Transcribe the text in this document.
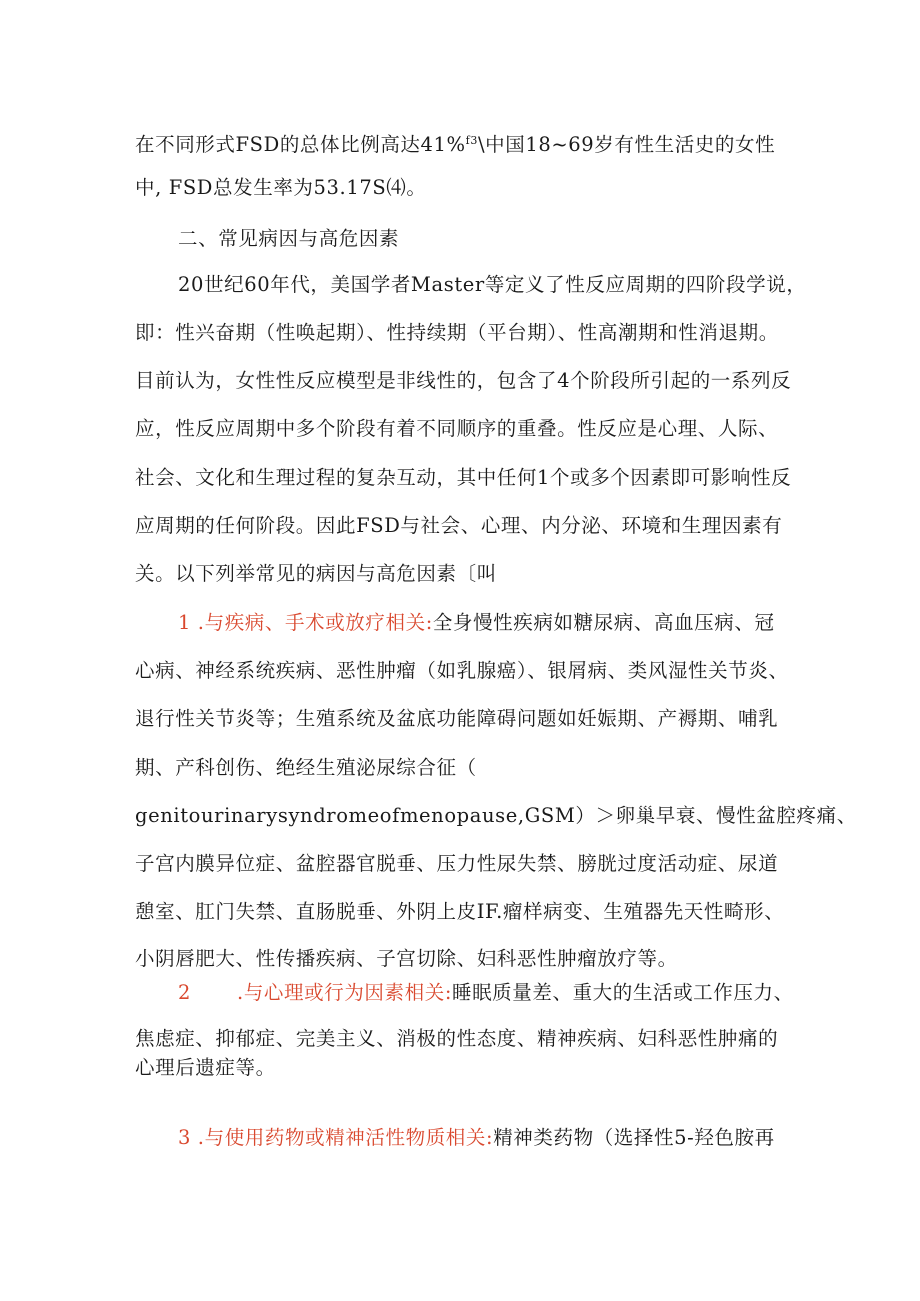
在不同形式FSD的总体比例高达41%$^{f3}$\中国18~69岁有性生活史的女性
中, FSD总发生率为53.17S⑷。
二、常见病因与高危因素
20世纪60年代，美国学者Master等定义了性反应周期的四阶段学说，
即：性兴奋期（性唤起期）、性持续期（平台期）、性高潮期和性消退期。
目前认为，女性性反应模型是非线性的，包含了4个阶段所引起的一系列反
应，性反应周期中多个阶段有着不同顺序的重叠。性反应是心理、人际、
社会、文化和生理过程的复杂互动，其中任何1个或多个因素即可影响性反
应周期的任何阶段。因此FSD与社会、心理、内分泌、环境和生理因素有
关。以下列举常见的病因与高危因素〔叫
1 .与疾病、手术或放疗相关:全身慢性疾病如糖尿病、高血压病、冠
心病、神经系统疾病、恶性肿瘤（如乳腺癌）、银屑病、类风湿性关节炎、
退行性关节炎等；生殖系统及盆底功能障碍问题如妊娠期、产褥期、哺乳
期、产科创伤、绝经生殖泌尿综合征（
genitourinarysyndromeofmenopause,GSM）＞卵巢早衰、慢性盆腔疼痛、
子宫内膜异位症、盆腔器官脱垂、压力性尿失禁、膀胱过度活动症、尿道
憩室、肛门失禁、直肠脱垂、外阴上皮IF.瘤样病变、生殖器先天性畸形、
小阴唇肥大、性传播疾病、子宫切除、妇科恶性肿瘤放疗等。
2 .与心理或行为因素相关:睡眠质量差、重大的生活或工作压力、
焦虑症、抑郁症、完美主义、消极的性态度、精神疾病、妇科恶性肿痛的
心理后遗症等。
3 .与使用药物或精神活性物质相关:精神类药物（选择性5-羟色胺再
